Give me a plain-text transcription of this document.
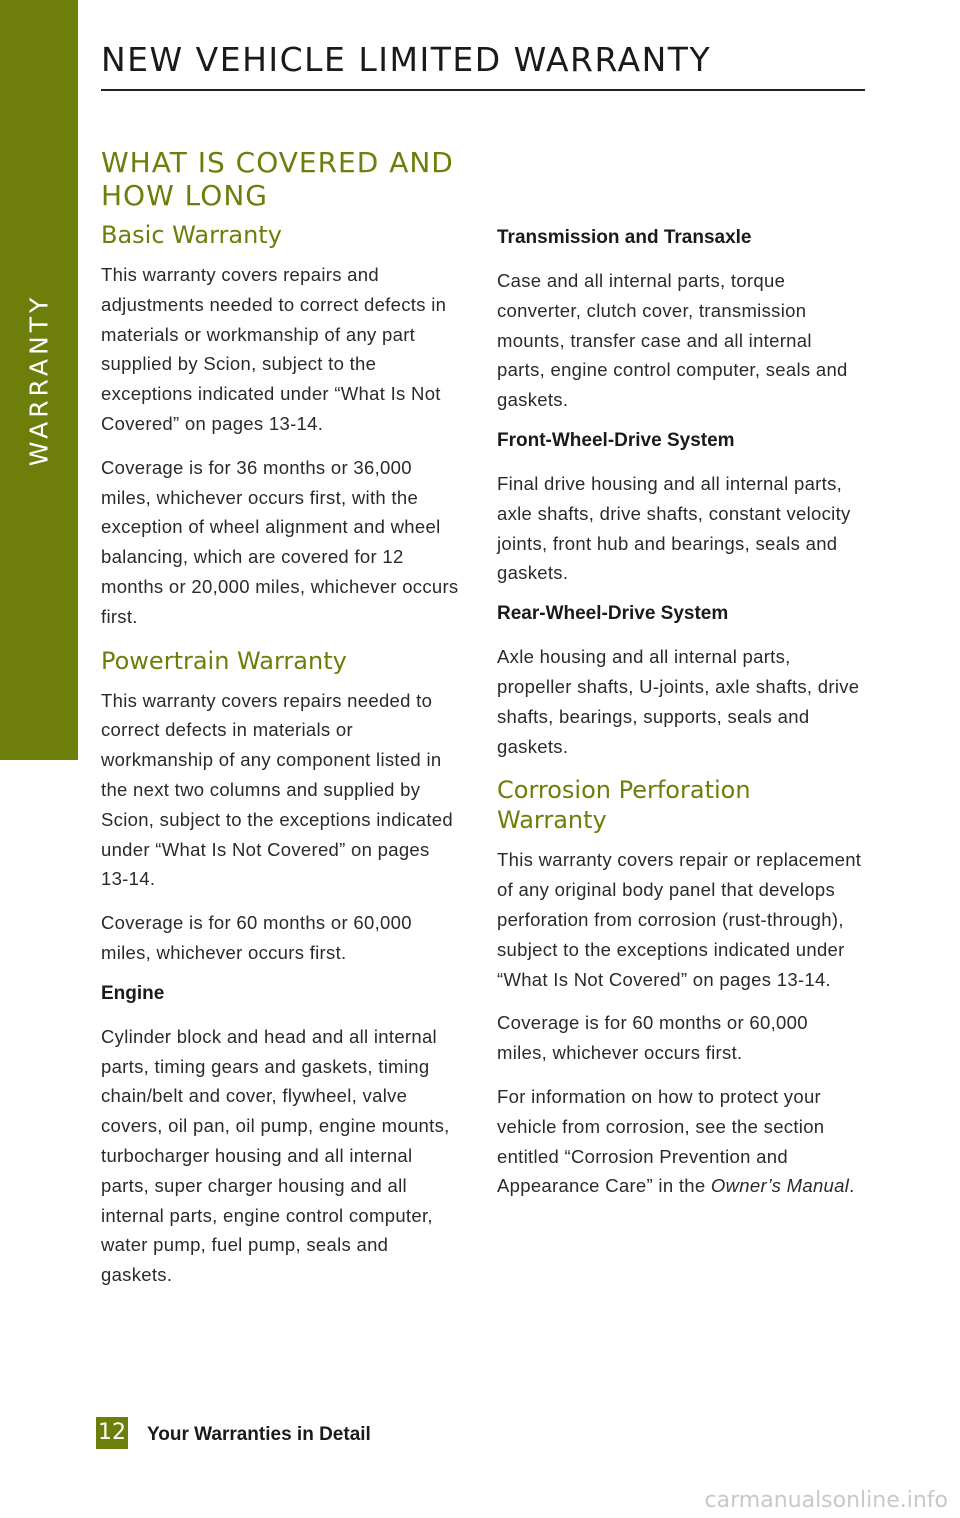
WARRANTY
NEW VEHICLE LIMITED WARRANTY
WHAT IS COVERED AND HOW LONG
Basic Warranty

This warranty covers repairs and adjustments needed to correct defects in materials or workmanship of any part supplied by Scion, subject to the exceptions indicated under “What Is Not Covered” on pages 13-14.

Coverage is for 36 months or 36,000 miles, whichever occurs first, with the exception of wheel alignment and wheel balancing, which are covered for 12 months or 20,000 miles, whichever occurs first.

Powertrain Warranty

This warranty covers repairs needed to correct defects in materials or workmanship of any component listed in the next two columns and supplied by Scion, subject to the exceptions indicated under “What Is Not Covered” on pages 13-14.

Coverage is for 60 months or 60,000 miles, whichever occurs first.

Engine

Cylinder block and head and all internal parts, timing gears and gaskets, timing chain/belt and cover, flywheel, valve covers, oil pan, oil pump, engine mounts, turbocharger housing and all internal parts, super charger housing and all internal parts, engine control computer, water pump, fuel pump, seals and gaskets.

Transmission and Transaxle

Case and all internal parts, torque converter, clutch cover, transmission mounts, transfer case and all internal parts, engine control computer, seals and gaskets.

Front-Wheel-Drive System

Final drive housing and all internal parts, axle shafts, drive shafts, constant velocity joints, front hub and bearings, seals and gaskets.

Rear-Wheel-Drive System

Axle housing and all internal parts, propeller shafts, U-joints, axle shafts, drive shafts, bearings, supports, seals and gaskets.

Corrosion Perforation Warranty

This warranty covers repair or replacement of any original body panel that develops perforation from corrosion (rust-through), subject to the exceptions indicated under “What Is Not Covered” on pages 13-14.

Coverage is for 60 months or 60,000 miles, whichever occurs first.

For information on how to protect your vehicle from corrosion, see the section entitled “Corrosion Prevention and Appearance Care” in the Owner’s Manual.

12 Your Warranties in Detail
carmanualsonline.info
